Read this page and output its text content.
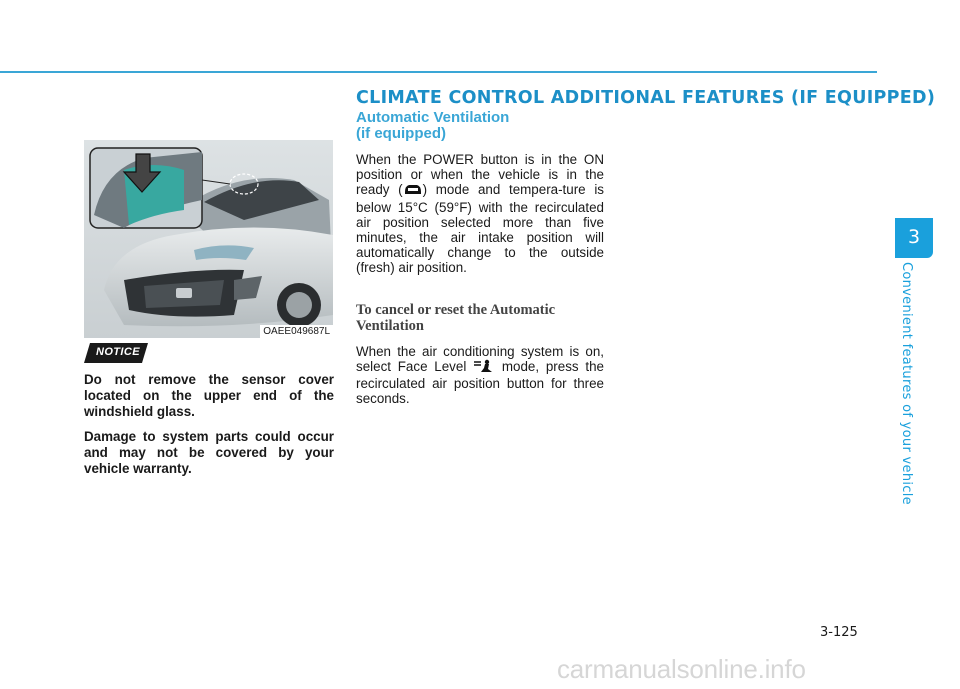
CLIMATE CONTROL ADDITIONAL FEATURES (IF EQUIPPED)
OAEE049687L
NOTICE

Do not remove the sensor cover located on the upper end of the windshield glass.

Damage to system parts could occur and may not be covered by your vehicle warranty.

Automatic Ventilation
(if equipped)

When the POWER button is in the ON position or when the vehicle is in the ready ( ) mode and tempera-ture is below 15°C (59°F) with the recirculated air position selected more than five minutes, the air intake position will automatically change to the outside (fresh) air position.

To cancel or reset the Automatic
Ventilation

When the air conditioning system is on, select Face Level	mode, press the recirculated air position button for three seconds.

3
Convenient features of your vehicle
3-125
carmanualsonline.info
